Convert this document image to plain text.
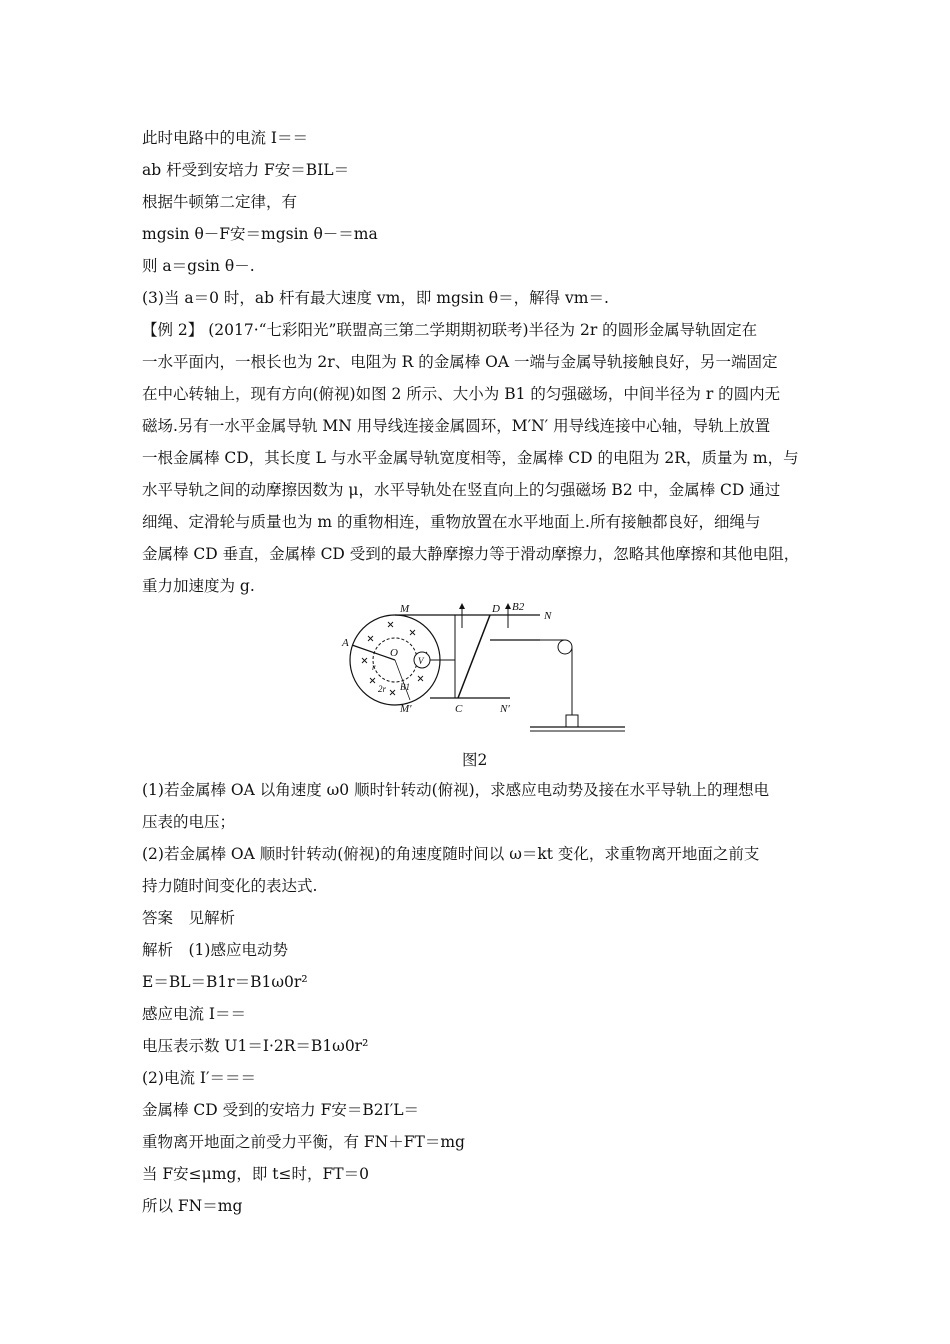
此时电路中的电流 I＝＝
ab 杆受到安培力 F安＝BIL＝
根据牛顿第二定律，有
mgsin θ－F安＝mgsin θ－＝ma
则 a＝gsin θ－.
(3)当 a＝0 时，ab 杆有最大速度 vm，即 mgsin θ＝，解得 vm＝.
【例 2】 (2017·“七彩阳光”联盟高三第二学期期初联考)半径为 2r 的圆形金属导轨固定在
一水平面内，一根长也为 2r、电阻为 R 的金属棒 OA 一端与金属导轨接触良好，另一端固定
在中心转轴上，现有方向(俯视)如图 2 所示、大小为 B1 的匀强磁场，中间半径为 r 的圆内无
磁场.另有一水平金属导轨 MN 用导线连接金属圆环，M′N′ 用导线连接中心轴，导轨上放置
一根金属棒 CD，其长度 L 与水平金属导轨宽度相等，金属棒 CD 的电阻为 2R，质量为 m，与
水平导轨之间的动摩擦因数为 μ，水平导轨处在竖直向上的匀强磁场 B2 中，金属棒 CD 通过
细绳、定滑轮与质量也为 m 的重物相连，重物放置在水平地面上.所有接触都良好，细绳与
金属棒 CD 垂直，金属棒 CD 受到的最大静摩擦力等于滑动摩擦力，忽略其他摩擦和其他电阻，
重力加速度为 g.
M	D B2
N
A
O
V
r
2r B1
M′	C	N′
图2
(1)若金属棒 OA 以角速度 ω0 顺时针转动(俯视)，求感应电动势及接在水平导轨上的理想电
压表的电压；
(2)若金属棒 OA 顺时针转动(俯视)的角速度随时间以 ω＝kt 变化，求重物离开地面之前支
持力随时间变化的表达式.
答案　见解析
解析　(1)感应电动势
E＝BL＝B1r＝B1ω0r²
感应电流 I＝＝
电压表示数 U1＝I·2R＝B1ω0r²
(2)电流 I′＝＝＝
金属棒 CD 受到的安培力 F安＝B2I′L＝
重物离开地面之前受力平衡，有 FN＋FT＝mg
当 F安≤μmg，即 t≤时，FT＝0
所以 FN＝mg
